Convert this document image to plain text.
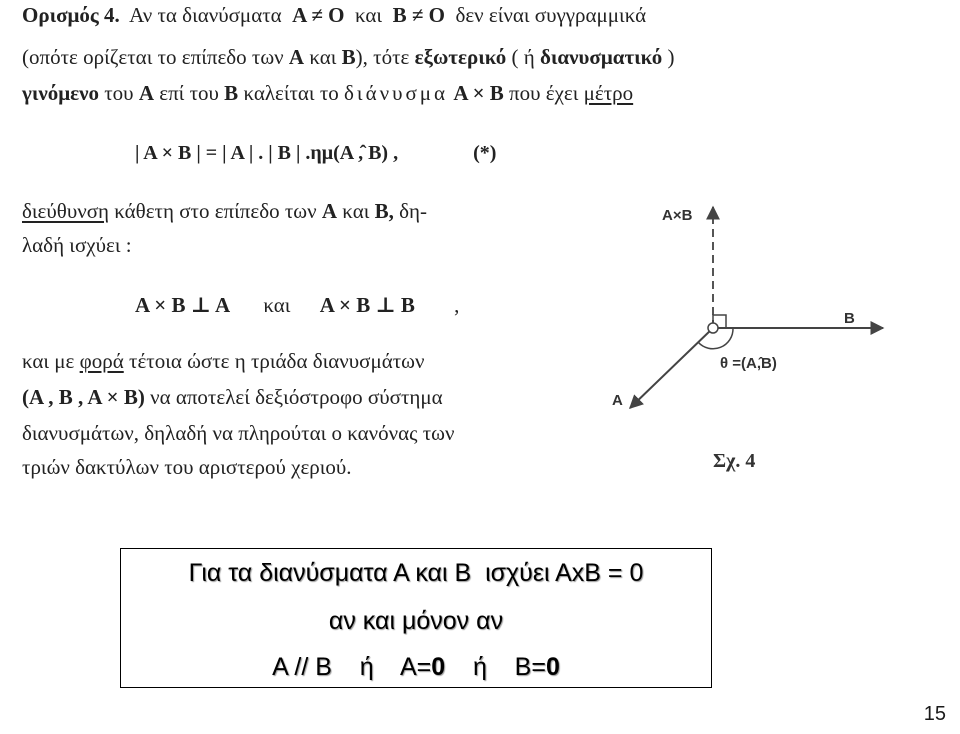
Ορισμός 4. Αν τα διανύσματα Α ≠ Ο και Β ≠ Ο δεν είναι συγγραμμικά
(οπότε ορίζεται το επίπεδο των Α και Β), τότε εξωτερικό ( ή διανυσματικό )
γινόμενο του Α επί του Β καλείται το διάνυσμα Α × Β που έχει μέτρο
| Α × Β | = | Α | . | Β | .ημ(Α ,̂ Β) ,	(*)
διεύθυνση κάθετη στο επίπεδο των Α και Β, δη-
λαδή ισχύει :
Α × Β ⊥ Α και Α × Β ⊥ Β ,
και με φορά τέτοια ώστε η τριάδα διανυσμάτων
(Α , Β , Α × Β) να αποτελεί δεξιόστροφο σύστημα
διανυσμάτων, δηλαδή να πληρούται ο κανόνας των
τριών δακτύλων του αριστερού χεριού.
Α×Β
Β
Α
θ =(Α,̂Β)
Σχ. 4
Για τα διανύσματα Α και Β  ισχύει ΑxΒ = 0
αν και μόνον αν
Α // Β    ή    Α=0    ή    Β=0
15
